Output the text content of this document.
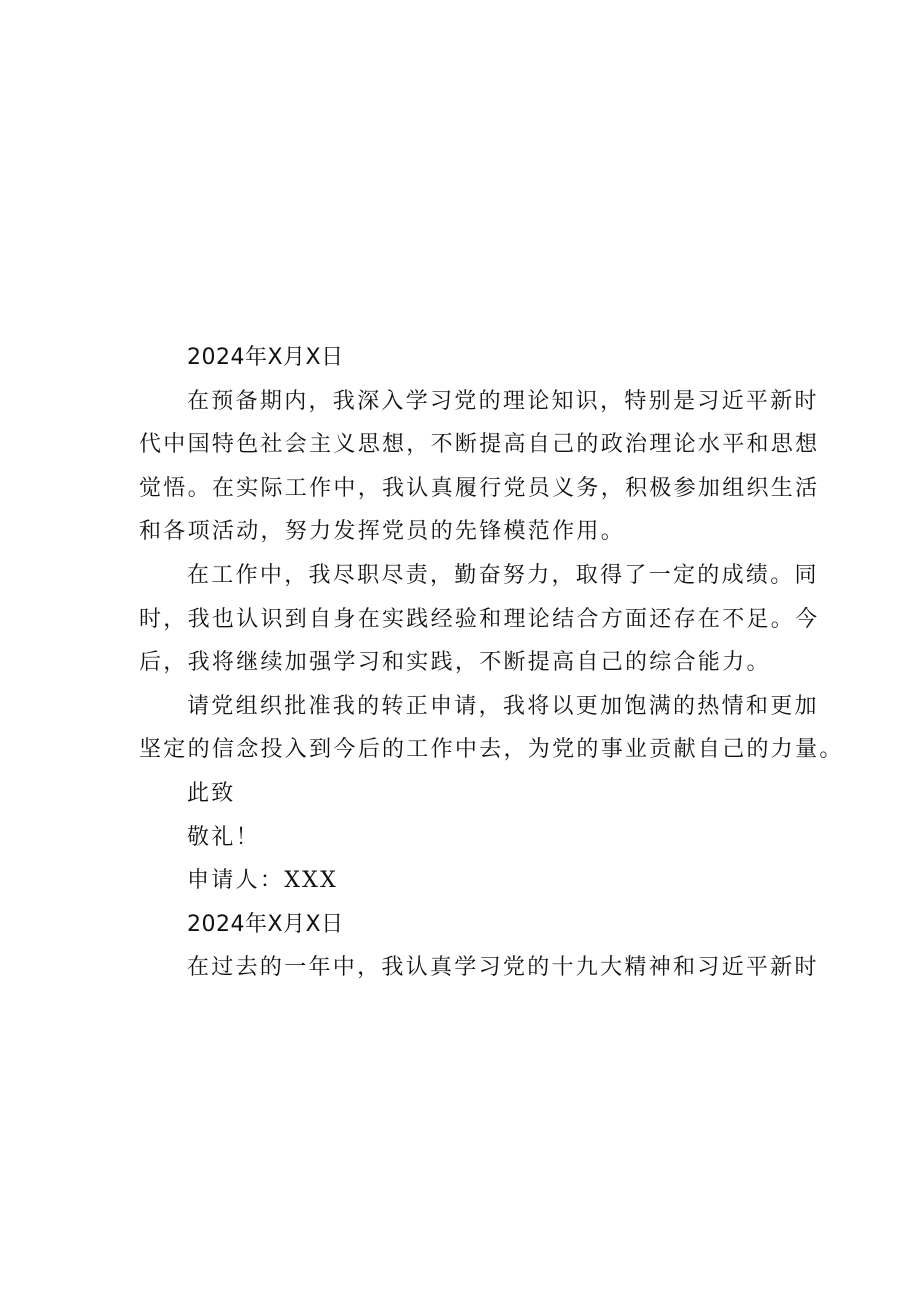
2024年X月X日
在预备期内，我深入学习党的理论知识，特别是习近平新时
代中国特色社会主义思想，不断提高自己的政治理论水平和思想
觉悟。在实际工作中，我认真履行党员义务，积极参加组织生活
和各项活动，努力发挥党员的先锋模范作用。
在工作中，我尽职尽责，勤奋努力，取得了一定的成绩。同
时，我也认识到自身在实践经验和理论结合方面还存在不足。今
后，我将继续加强学习和实践，不断提高自己的综合能力。
请党组织批准我的转正申请，我将以更加饱满的热情和更加
坚定的信念投入到今后的工作中去，为党的事业贡献自己的力量。
此致
敬礼！
申请人：XXX
2024年X月X日
在过去的一年中，我认真学习党的十九大精神和习近平新时
